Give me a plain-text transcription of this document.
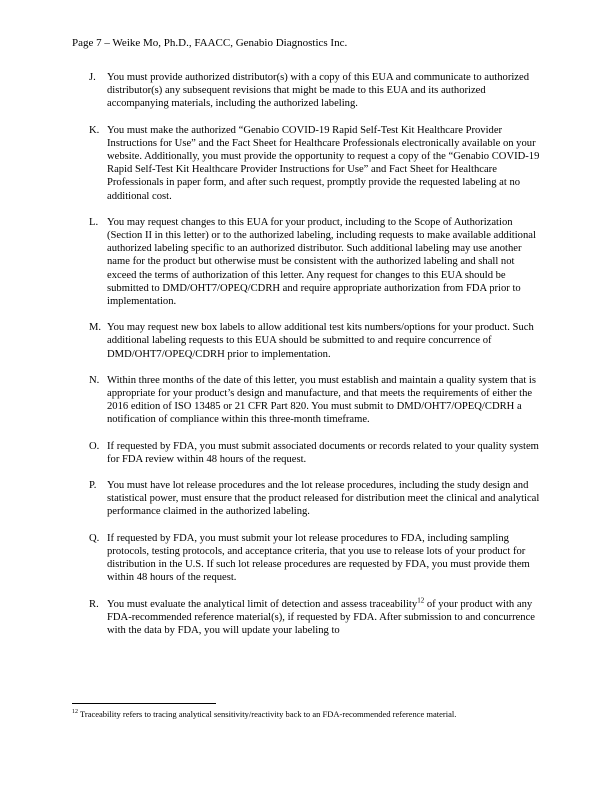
Page 7 – Weike Mo, Ph.D., FAACC, Genabio Diagnostics Inc.
J.	You must provide authorized distributor(s) with a copy of this EUA and communicate to authorized distributor(s) any subsequent revisions that might be made to this EUA and its authorized accompanying materials, including the authorized labeling.

K. You must make the authorized “Genabio COVID-19 Rapid Self-Test Kit Healthcare Provider Instructions for Use” and the Fact Sheet for Healthcare Professionals electronically available on your website. Additionally, you must provide the opportunity to request a copy of the “Genabio COVID-19 Rapid Self-Test Kit Healthcare Provider Instructions for Use” and Fact Sheet for Healthcare Professionals in paper form, and after such request, promptly provide the requested labeling at no additional cost.

L. You may request changes to this EUA for your product, including to the Scope of Authorization (Section II in this letter) or to the authorized labeling, including requests to make available additional authorized labeling specific to an authorized distributor. Such additional labeling may use another name for the product but otherwise must be consistent with the authorized labeling and shall not exceed the terms of authorization of this letter. Any request for changes to this EUA should be submitted to DMD/OHT7/OPEQ/CDRH and require appropriate authorization from FDA prior to implementation.

M. You may request new box labels to allow additional test kits numbers/options for your product. Such additional labeling requests to this EUA should be submitted to and require concurrence of DMD/OHT7/OPEQ/CDRH prior to implementation.

N. Within three months of the date of this letter, you must establish and maintain a quality system that is appropriate for your product’s design and manufacture, and that meets the requirements of either the 2016 edition of ISO 13485 or 21 CFR Part 820. You must submit to DMD/OHT7/OPEQ/CDRH a notification of compliance within this three-month timeframe.

O. If requested by FDA, you must submit associated documents or records related to your quality system for FDA review within 48 hours of the request.

P.	You must have lot release procedures and the lot release procedures, including the study design and statistical power, must ensure that the product released for distribution meet the clinical and analytical performance claimed in the authorized labeling.

Q. If requested by FDA, you must submit your lot release procedures to FDA, including sampling protocols, testing protocols, and acceptance criteria, that you use to release lots of your product for distribution in the U.S. If such lot release procedures are requested by FDA, you must provide them within 48 hours of the request.

R. You must evaluate the analytical limit of detection and assess traceability$^{12}$ of your product with any FDA-recommended reference material(s), if requested by FDA. After submission to and concurrence with the data by FDA, you will update your labeling to

$^{12}$ Traceability refers to tracing analytical sensitivity/reactivity back to an FDA-recommended reference material.
